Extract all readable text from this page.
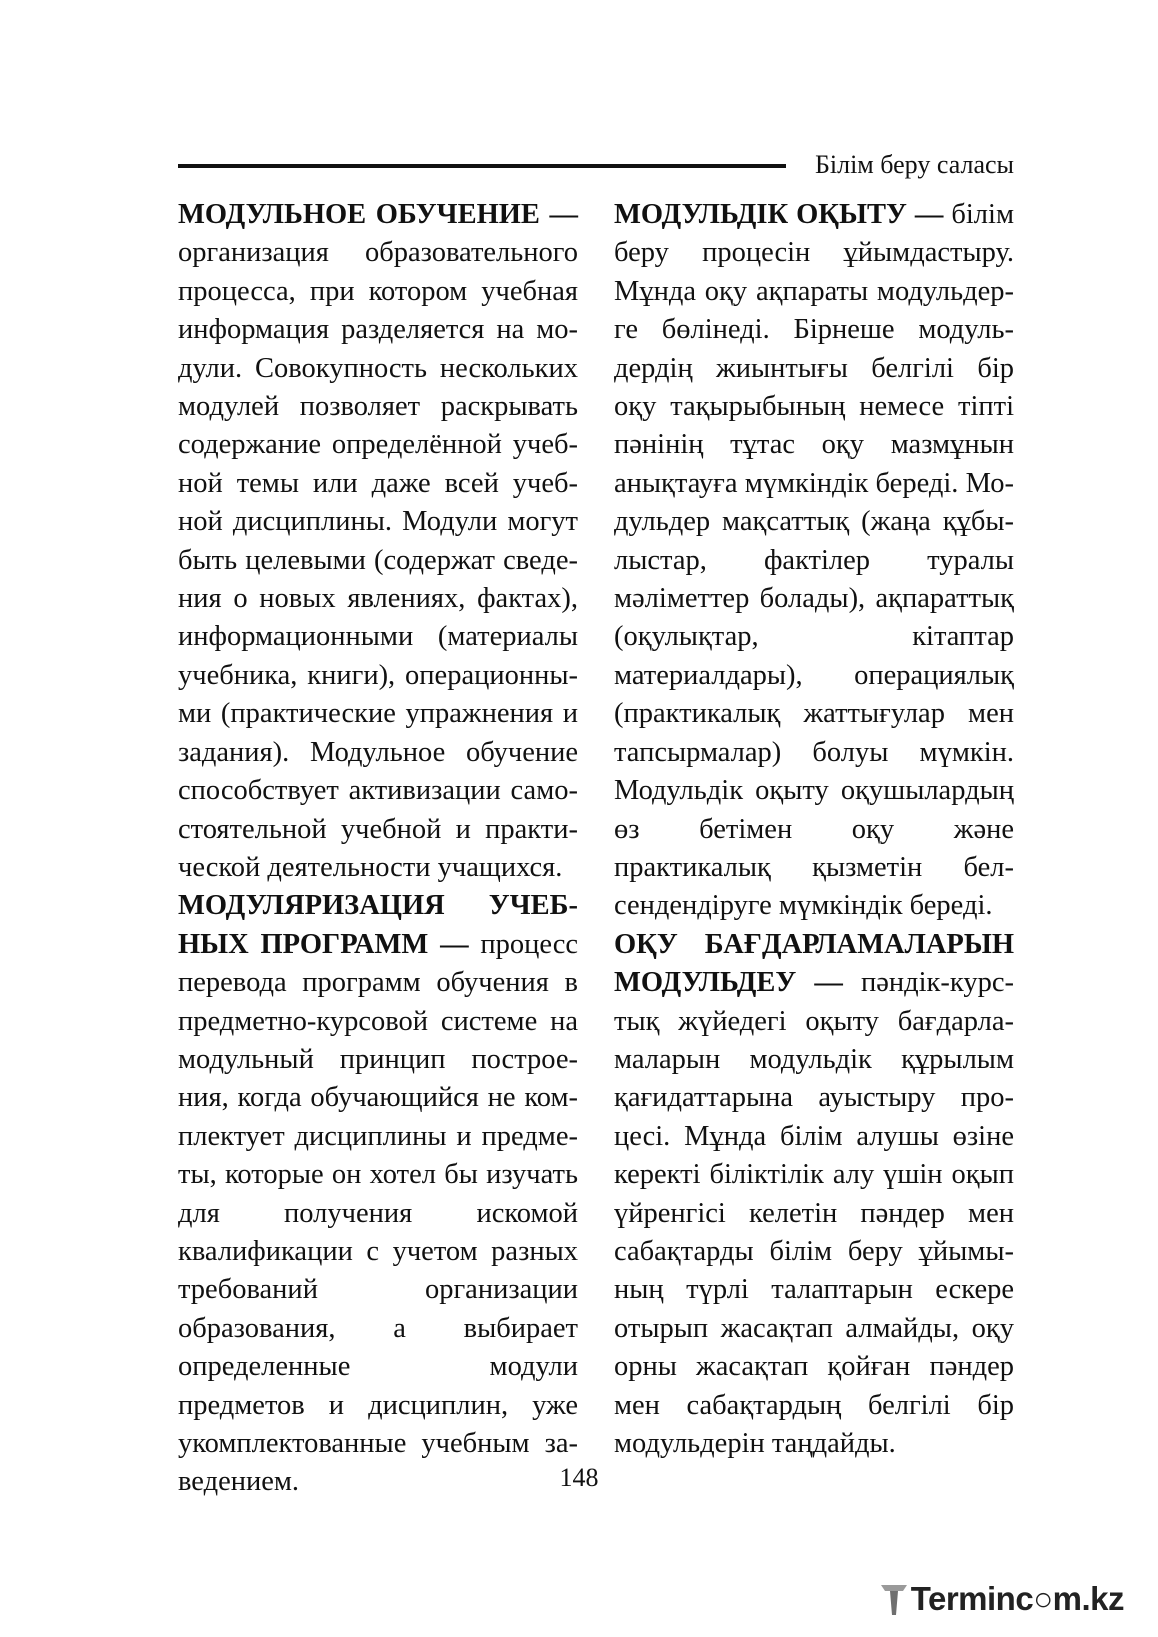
Білім беру саласы

МОДУЛЬНОЕ ОБУЧЕНИЕ — организация образовательного процесса, при котором учебная информация разделяется на модули. Совокупность нескольких модулей позволяет раскрывать содержание определённой учебной темы или даже всей учебной дисциплины. Модули могут быть целевыми (содержат сведения о новых явлениях, фактах), информационными (материалы учебника, книги), операционными (практические упражнения и задания). Модульное обучение способствует активизации самостоятельной учебной и практической деятельности учащихся.

МОДУЛЯРИЗАЦИЯ УЧЕБНЫХ ПРОГРАММ — процесс перевода программ обучения в предметно-курсовой системе на модульный принцип построения, когда обучающийся не комплектует дисциплины и предметы, которые он хотел бы изучать для получения искомой квалификации с учетом разных требований организации образования, а выбирает определенные модули предметов и дисциплин, уже укомплектованные учебным заведением.

МОДУЛЬДІК ОҚЫТУ — білім беру процесін ұйымдастыру. Мұнда оқу ақпараты модульдерге бөлінеді. Бірнеше модульдердің жиынтығы белгілі бір оқу тақырыбының немесе тіпті пәнінің тұтас оқу мазмұнын анықтауға мүмкіндік береді. Модульдер мақсаттық (жаңа құбылыстар, фактілер туралы мәліметтер болады), ақпараттық (оқулықтар, кітаптар материалдары), операциялық (практикалық жаттығулар мен тапсырмалар) болуы мүмкін. Модульдік оқыту оқушылардың өз бетімен оқу және практикалық қызметін белсендендіруге мүмкіндік береді.

ОҚУ БАҒДАРЛАМАЛАРЫН МОДУЛЬДЕУ — пәндік-курстық жүйедегі оқыту бағдарламаларын модульдік құрылым қағидаттарына ауыстыру процесі. Мұнда білім алушы өзіне керекті біліктілік алу үшін оқып үйренгісі келетін пәндер мен сабақтарды білім беру ұйымының түрлі талаптарын ескере отырып жасақтап алмайды, оқу орны жасақтап қойған пәндер мен сабақтардың белгілі бір модульдерін таңдайды.

148
Terminc○m.kz
